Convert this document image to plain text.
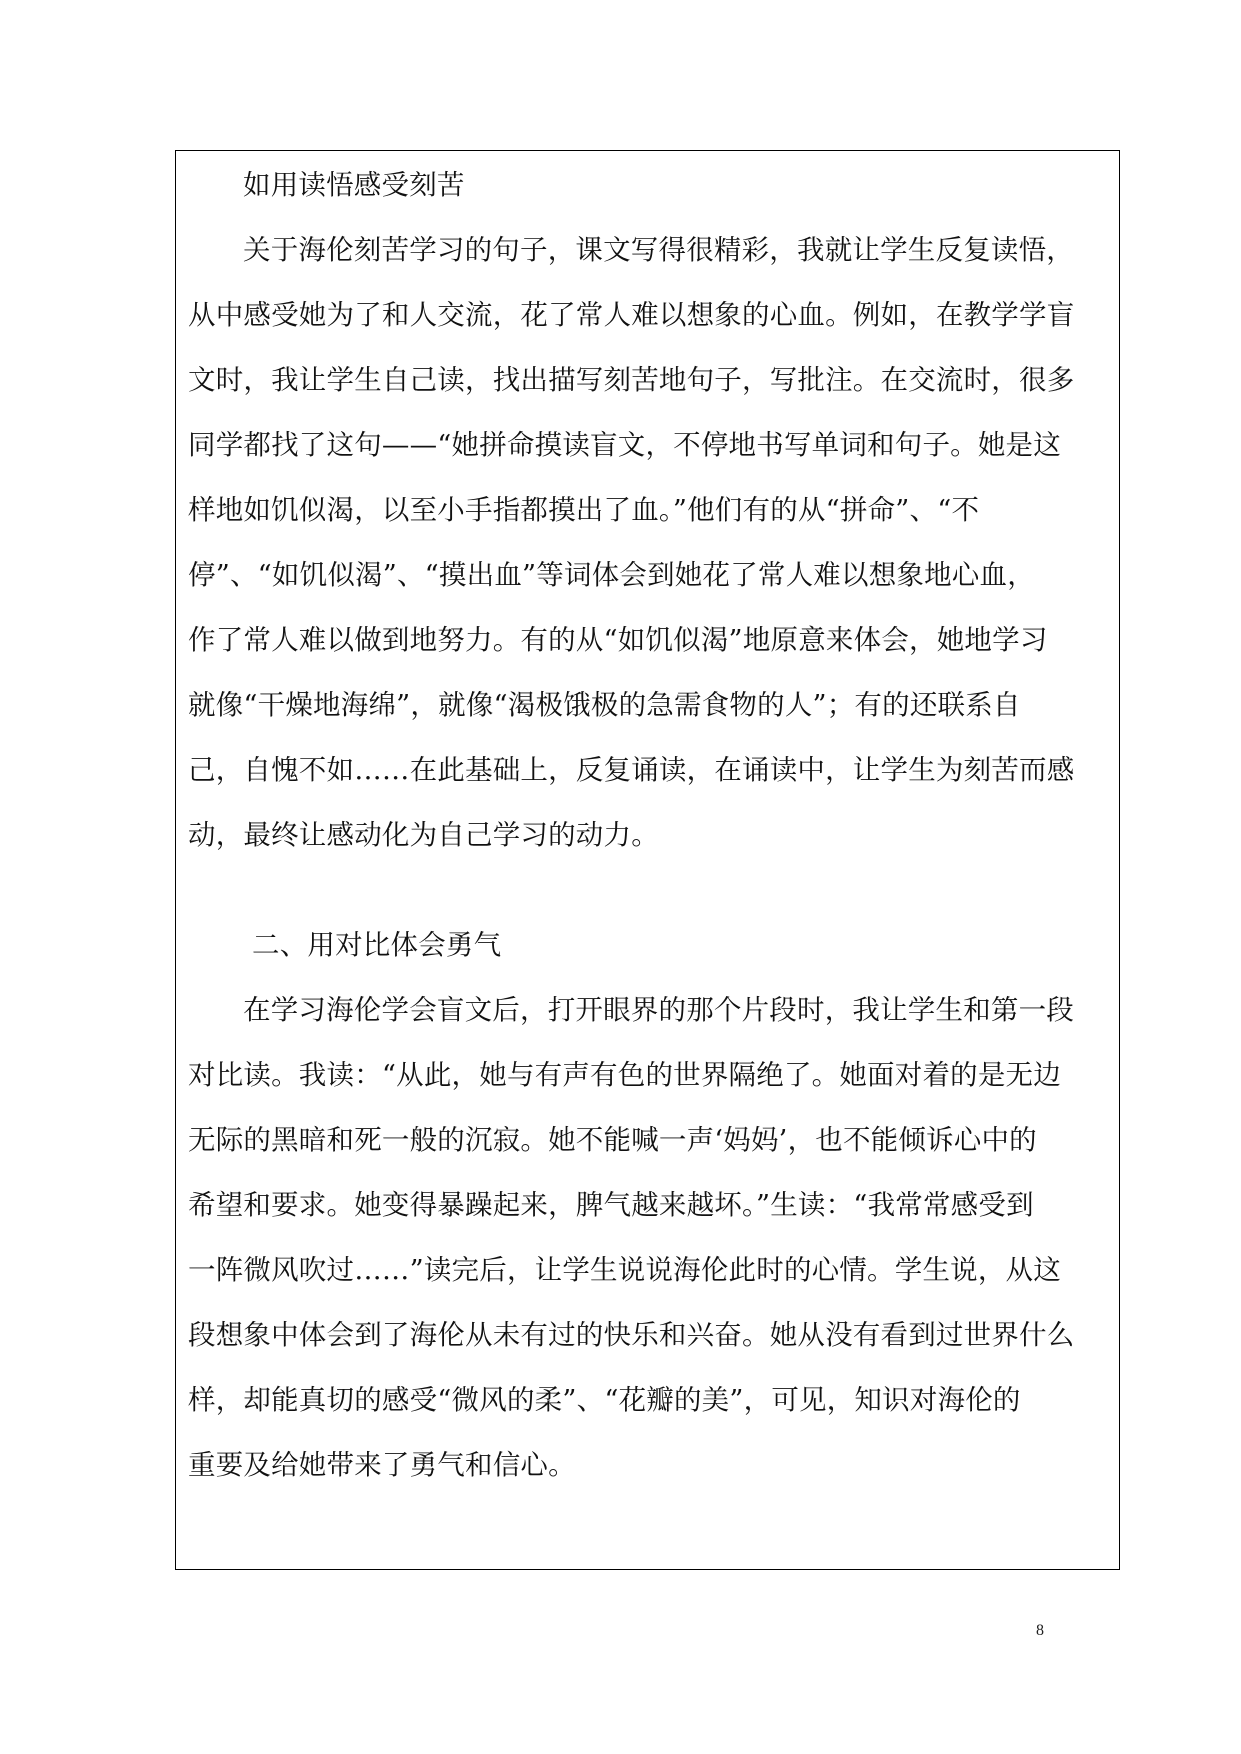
如用读悟感受刻苦
关于海伦刻苦学习的句子，课文写得很精彩，我就让学生反复读悟，
从中感受她为了和人交流，花了常人难以想象的心血。例如，在教学学盲
文时，我让学生自己读，找出描写刻苦地句子，写批注。在交流时，很多
同学都找了这句——“她拼命摸读盲文，不停地书写单词和句子。她是这
样地如饥似渴，以至小手指都摸出了血。”他们有的从“拼命”、“不
停”、“如饥似渴”、“摸出血”等词体会到她花了常人难以想象地心血，
作了常人难以做到地努力。有的从“如饥似渴”地原意来体会，她地学习
就像“干燥地海绵”，就像“渴极饿极的急需食物的人”；有的还联系自
己，自愧不如……在此基础上，反复诵读，在诵读中，让学生为刻苦而感
动，最终让感动化为自己学习的动力。
二、用对比体会勇气
在学习海伦学会盲文后，打开眼界的那个片段时，我让学生和第一段
对比读。我读：“从此，她与有声有色的世界隔绝了。她面对着的是无边
无际的黑暗和死一般的沉寂。她不能喊一声‘妈妈’，也不能倾诉心中的
希望和要求。她变得暴躁起来，脾气越来越坏。”生读：“我常常感受到
一阵微风吹过……”读完后，让学生说说海伦此时的心情。学生说，从这
段想象中体会到了海伦从未有过的快乐和兴奋。她从没有看到过世界什么
样，却能真切的感受“微风的柔”、“花瓣的美”，可见，知识对海伦的
重要及给她带来了勇气和信心。
8
